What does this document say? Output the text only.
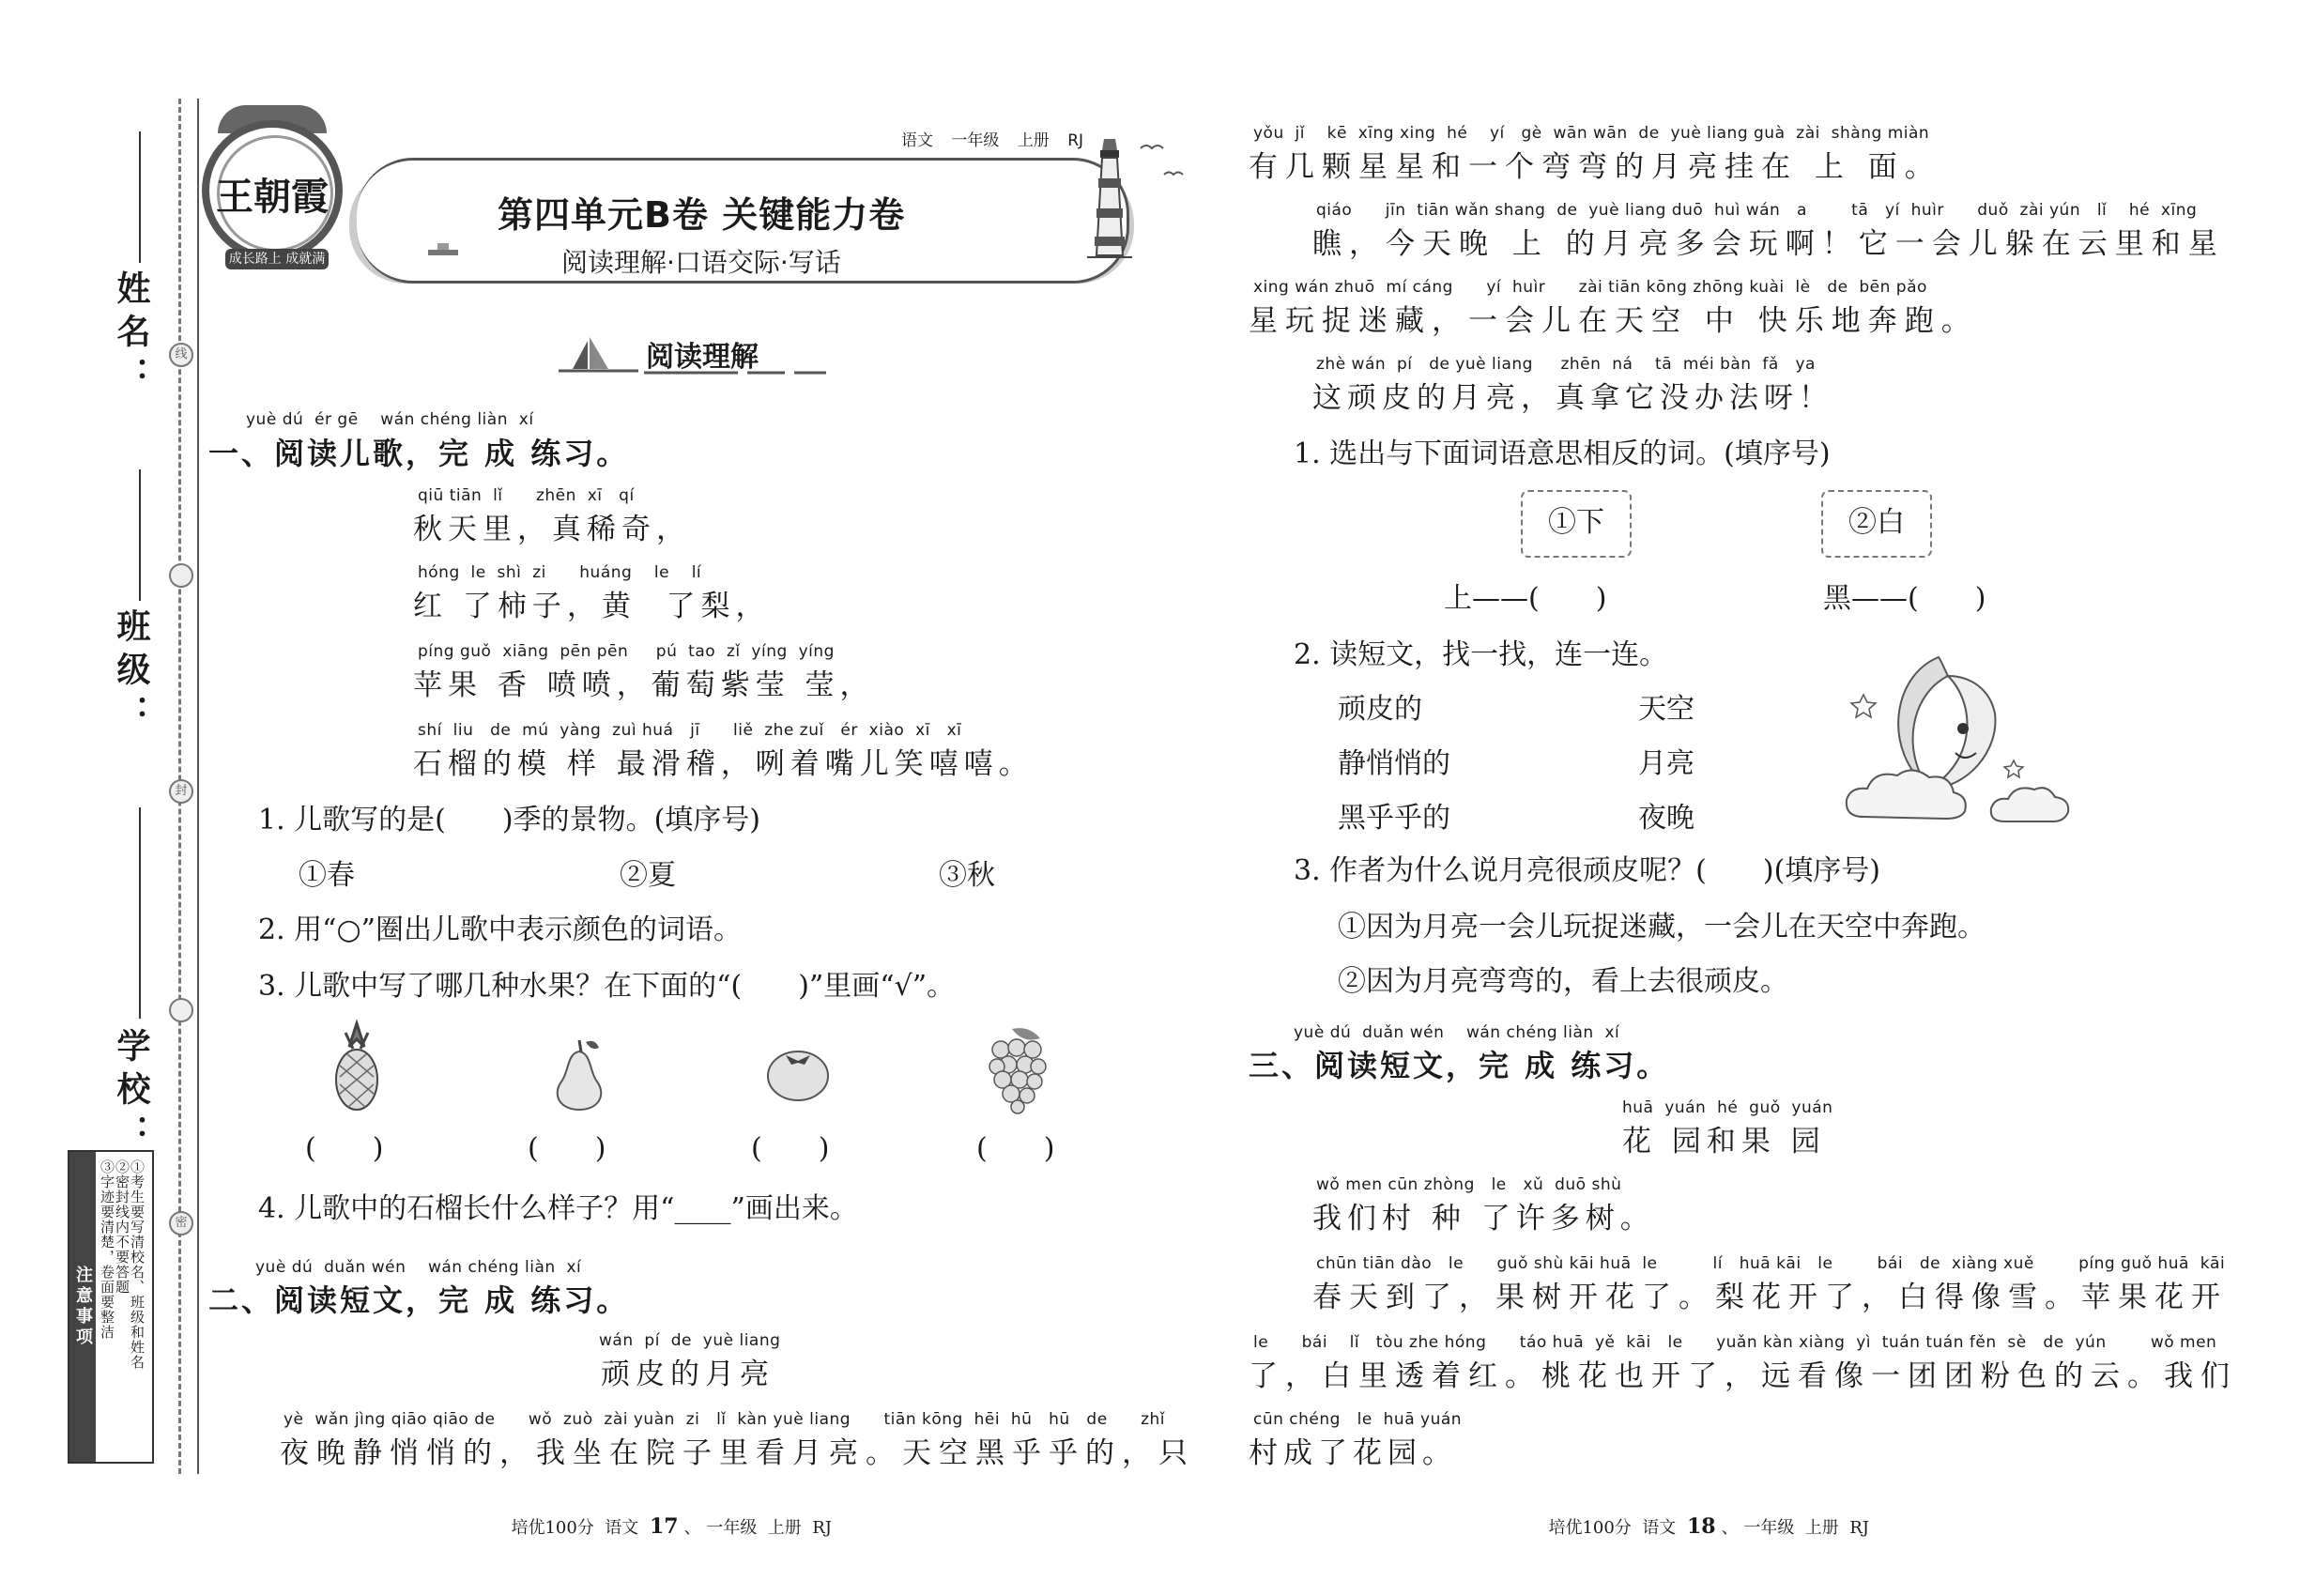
姓名：
班级：
学校：
线
封
密
注意事项	①考生要写清校名、班级和姓名
②密封线内不要答题
③字迹要清楚，卷面要整洁
王朝霞
成长路上 成就满天
语文 一年级 上册 RJ
第四单元B卷 关键能力卷
阅读理解·口语交际·写话
阅读理解
yuè dú  ér gē    wán chéng liàn  xí
一、阅读儿歌，完 成 练习。
qiū tiān  lǐ      zhēn  xī   qí
秋天里，真稀奇，
hóng  le  shì  zi      huáng    le    lí
红 了柿子，黄  了梨，
píng guǒ  xiāng  pēn pēn     pú  tao  zǐ  yíng  yíng
苹果 香 喷喷，葡萄紫莹 莹，
shí  liu   de  mú  yàng  zuì huá   jī      liě  zhe zuǐ   ér  xiào  xī   xī
石榴的模 样 最滑稽，咧着嘴儿笑嘻嘻。
1. 儿歌写的是(　　)季的景物。(填序号)
①春	②夏	③秋
2. 用“○”圈出儿歌中表示颜色的词语。
3. 儿歌中写了哪几种水果？在下面的“(　　)”里画“√”。
(　　)	(　　)	(　　)	(　　)
4. 儿歌中的石榴长什么样子？用“____”画出来。
yuè dú  duǎn wén    wán chéng liàn  xí
二、阅读短文，完 成 练习。
wán  pí  de  yuè liang
顽皮的月亮
yè  wǎn jìng qiāo qiāo de      wǒ  zuò  zài yuàn  zi   lǐ  kàn yuè liang      tiān kōng  hēi  hū   hū   de      zhǐ
夜晚静悄悄的，我坐在院子里看月亮。天空黑乎乎的，只

培优100分  语文 17 、 一年级  上册  RJ

yǒu  jǐ    kē  xīng xing  hé    yí   gè  wān wān  de  yuè liang guà  zài  shàng miàn
有几颗星星和一个弯弯的月亮挂在 上 面。
qiáo      jīn  tiān wǎn shang  de  yuè liang duō  huì wán   a        tā   yí  huìr      duǒ  zài yún   lǐ    hé  xīng
瞧，今天晚 上 的月亮多会玩啊！它一会儿躲在云里和星
xing wán zhuō  mí cáng      yí  huìr      zài tiān kōng zhōng kuài  lè   de  bēn pǎo
星玩捉迷藏，一会儿在天空 中 快乐地奔跑。
zhè wán  pí   de yuè liang     zhēn  ná    tā  méi bàn  fǎ   ya
这顽皮的月亮，真拿它没办法呀！
1. 选出与下面词语意思相反的词。(填序号)
①下	②白
上——(　　)	黑——(　　)
2. 读短文，找一找，连一连。
顽皮的
静悄悄的
黑乎乎的
天空
月亮
夜晚
3. 作者为什么说月亮很顽皮呢？(　　)(填序号)
①因为月亮一会儿玩捉迷藏，一会儿在天空中奔跑。
②因为月亮弯弯的，看上去很顽皮。
yuè dú  duǎn wén    wán chéng liàn  xí
三、阅读短文，完 成 练习。
huā  yuán  hé  guǒ  yuán
花 园和果 园
wǒ men cūn zhòng   le   xǔ  duō shù
我们村 种 了许多树。
chūn tiān dào   le      guǒ shù kāi huā  le          lí   huā kāi   le        bái   de  xiàng xuě        píng guǒ huā  kāi
春天到了，果树开花了。梨花开了，白得像雪。苹果花开
le      bái    lǐ   tòu zhe hóng      táo huā  yě  kāi   le      yuǎn kàn xiàng  yì  tuán tuán fěn  sè   de  yún        wǒ men
了，白里透着红。桃花也开了，远看像一团团粉色的云。我们
cūn chéng   le  huā yuán
村成了花园。

培优100分  语文 18 、 一年级  上册  RJ
